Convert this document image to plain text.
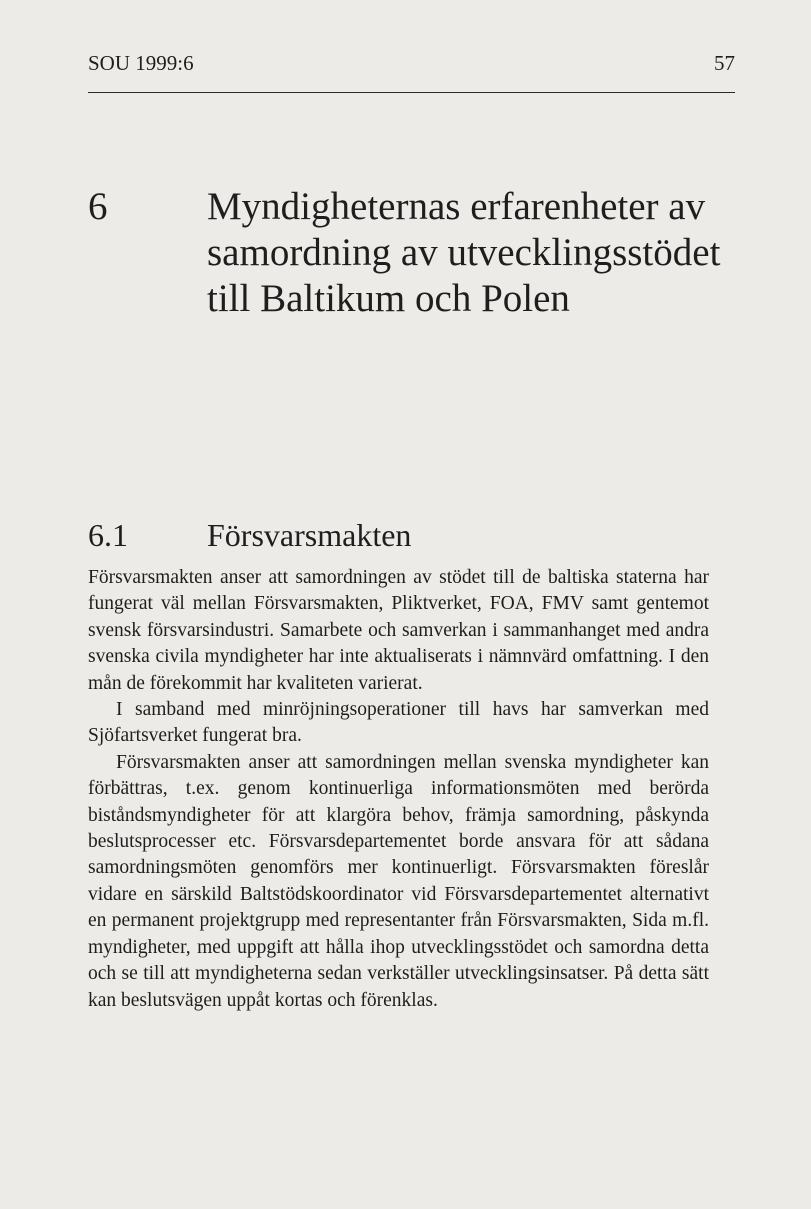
SOU 1999:6	57
6	Myndigheternas erfarenheter av samordning av utvecklingsstödet till Baltikum och Polen
6.1 Försvarsmakten

Försvarsmakten anser att samordningen av stödet till de baltiska staterna har fungerat väl mellan Försvarsmakten, Pliktverket, FOA, FMV samt gentemot svensk försvarsindustri. Samarbete och samverkan i sammanhanget med andra svenska civila myndigheter har inte aktualiserats i nämnvärd omfattning. I den mån de förekommit har kvaliteten varierat.

I samband med minröjningsoperationer till havs har samverkan med Sjöfartsverket fungerat bra.

Försvarsmakten anser att samordningen mellan svenska myndigheter kan förbättras, t.ex. genom kontinuerliga informationsmöten med berörda biståndsmyndigheter för att klargöra behov, främja samordning, påskynda beslutsprocesser etc. Försvarsdepartementet borde ansvara för att sådana samordningsmöten genomförs mer kontinuerligt. Försvarsmakten föreslår vidare en särskild Baltstödskoordinator vid Försvarsdepartementet alternativt en permanent projektgrupp med representanter från Försvarsmakten, Sida m.fl. myndigheter, med uppgift att hålla ihop utvecklingsstödet och samordna detta och se till att myndigheterna sedan verkställer utvecklingsinsatser. På detta sätt kan beslutsvägen uppåt kortas och förenklas.
